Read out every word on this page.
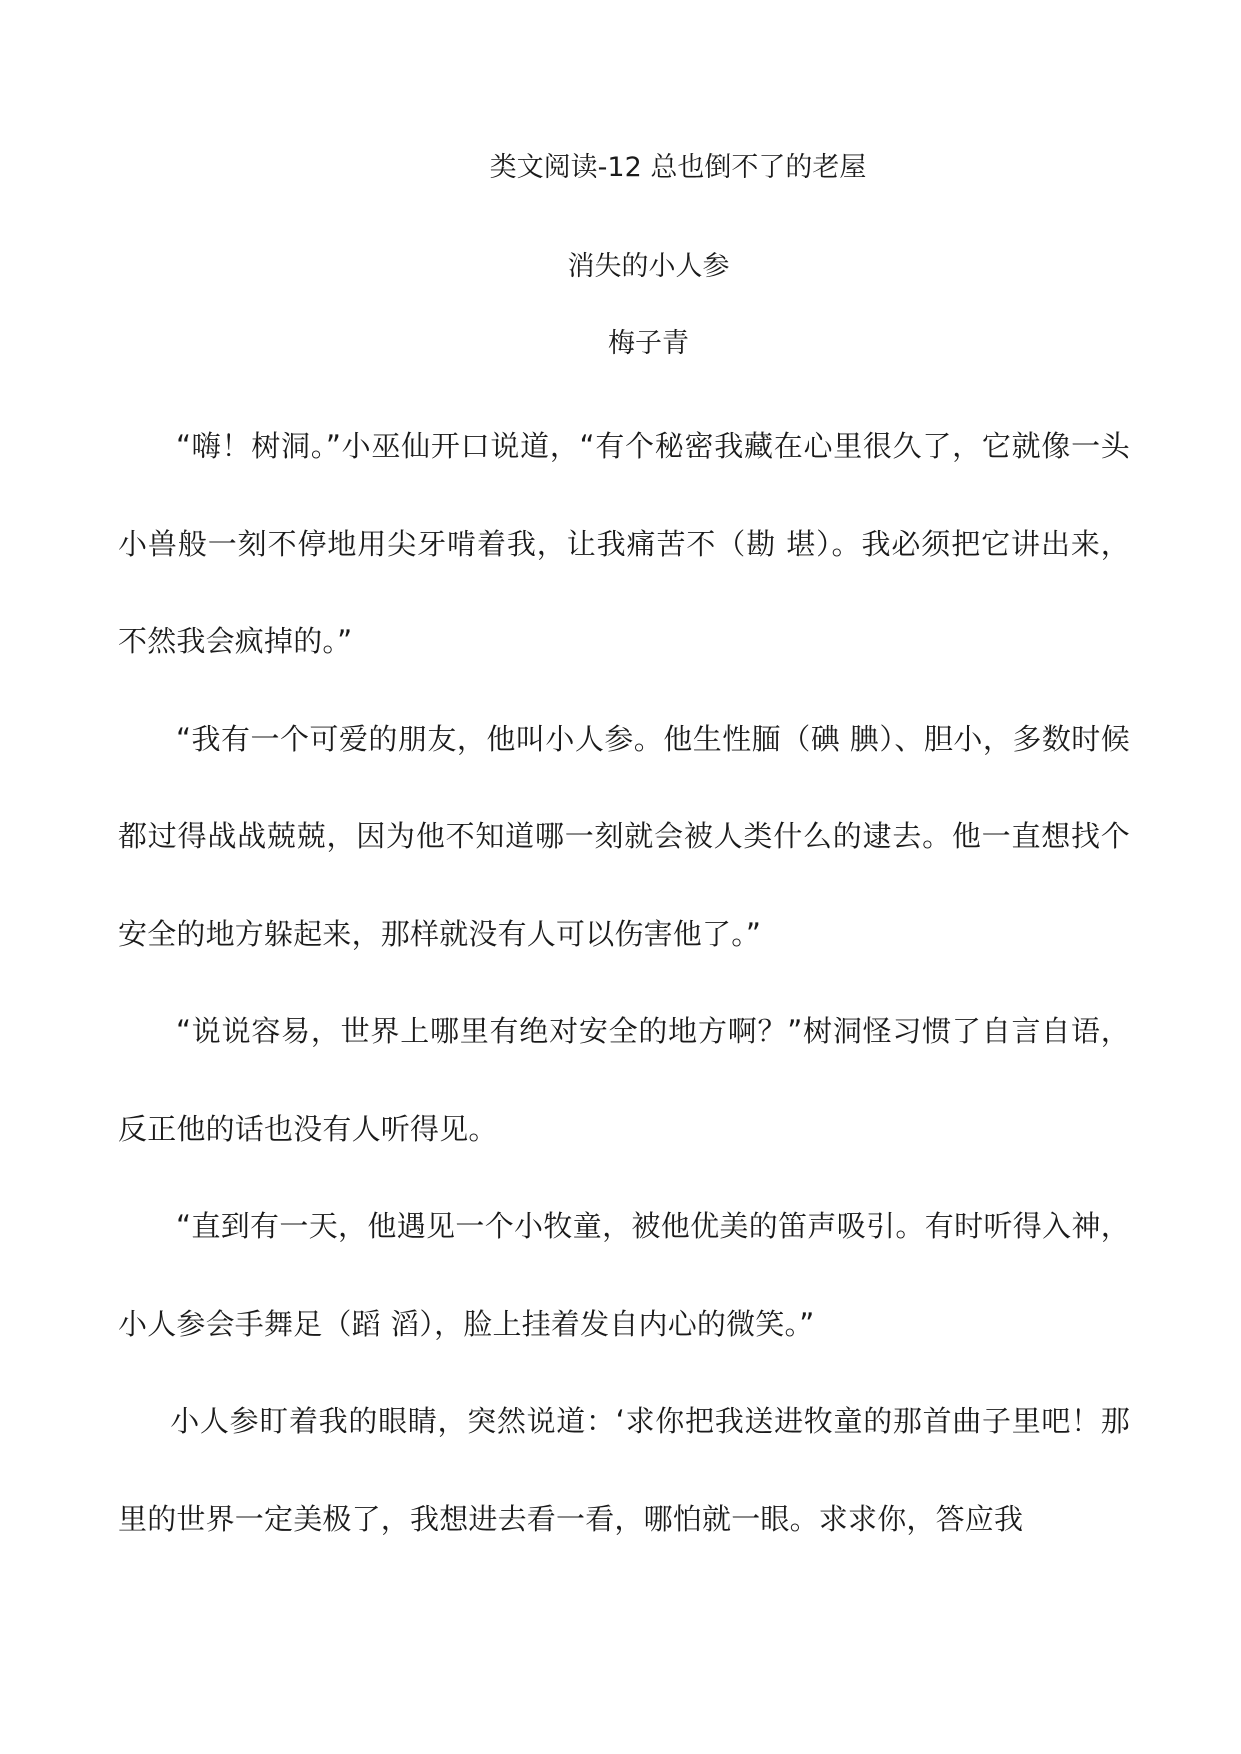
类文阅读-12 总也倒不了的老屋
消失的小人参
梅子青

“嗨！树洞。”小巫仙开口说道，“有个秘密我藏在心里很久了，它就像一头小兽般一刻不停地用尖牙啃着我，让我痛苦不（勘 堪）。我必须把它讲出来，不然我会疯掉的。”

“我有一个可爱的朋友，他叫小人参。他生性腼（碘 腆）、胆小，多数时候都过得战战兢兢，因为他不知道哪一刻就会被人类什么的逮去。他一直想找个安全的地方躲起来，那样就没有人可以伤害他了。”

“说说容易，世界上哪里有绝对安全的地方啊？”树洞怪习惯了自言自语，反正他的话也没有人听得见。

“直到有一天，他遇见一个小牧童，被他优美的笛声吸引。有时听得入神，小人参会手舞足（蹈 滔），脸上挂着发自内心的微笑。”

小人参盯着我的眼睛，突然说道：‘求你把我送进牧童的那首曲子里吧！那里的世界一定美极了，我想进去看一看，哪怕就一眼。求求你，答应我
